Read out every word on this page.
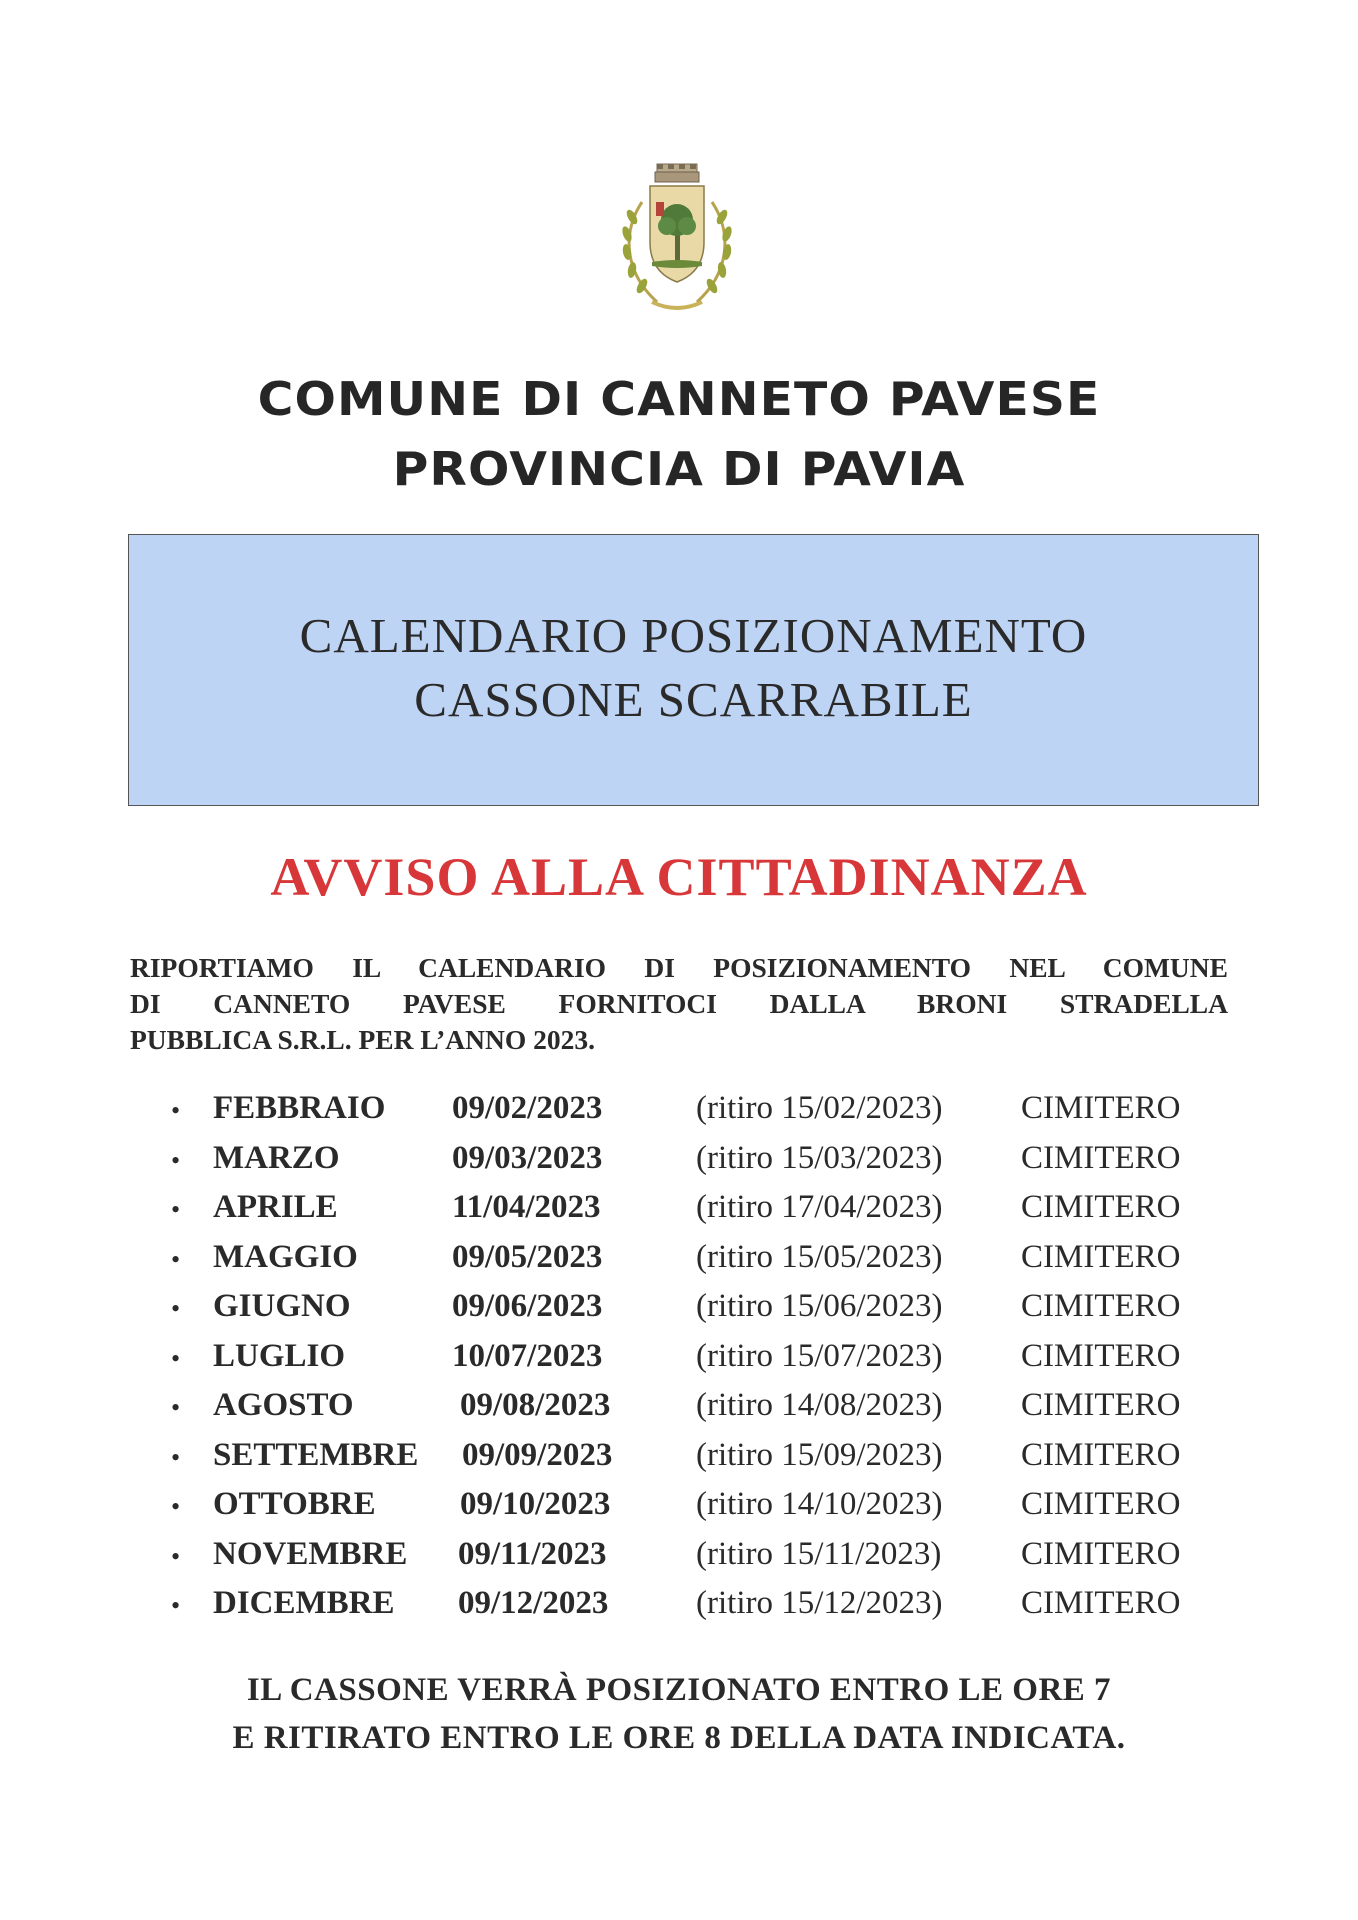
COMUNE DI CANNETO PAVESE
PROVINCIA DI PAVIA
CALENDARIO POSIZIONAMENTO
CASSONE SCARRABILE
AVVISO ALLA CITTADINANZA
RIPORTIAMO IL CALENDARIO DI POSIZIONAMENTO NEL COMUNE
DI CANNETO PAVESE FORNITOCI DALLA BRONI STRADELLA
PUBBLICA S.R.L. PER L’ANNO 2023.
• FEBBRAIO 09/02/2023	(ritiro 15/02/2023) CIMITERO
• MARZO	09/03/2023	(ritiro 15/03/2023) CIMITERO
• APRILE	11/04/2023	(ritiro 17/04/2023) CIMITERO
• MAGGIO	09/05/2023	(ritiro 15/05/2023) CIMITERO
• GIUGNO	09/06/2023	(ritiro 15/06/2023) CIMITERO
• LUGLIO	10/07/2023	(ritiro 15/07/2023) CIMITERO
• AGOSTO	09/08/2023	(ritiro 14/08/2023) CIMITERO
• SETTEMBRE 09/09/2023	(ritiro 15/09/2023) CIMITERO
• OTTOBRE	09/10/2023	(ritiro 14/10/2023) CIMITERO
• NOVEMBRE 09/11/2023	(ritiro 15/11/2023) CIMITERO
• DICEMBRE 09/12/2023	(ritiro 15/12/2023) CIMITERO
IL CASSONE VERRÀ POSIZIONATO ENTRO LE ORE 7
E RITIRATO ENTRO LE ORE 8 DELLA DATA INDICATA.
